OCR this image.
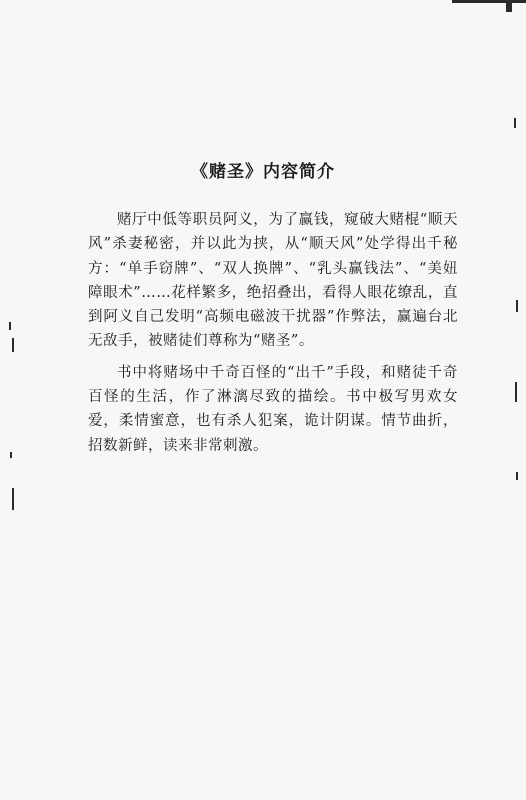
《赌圣》内容简介

赌厅中低等职员阿义，为了赢钱，窥破大赌棍“顺天风”杀妻秘密，并以此为挟，从“顺天风”处学得出千秘方：“单手窃牌”、“双人换牌”、“乳头赢钱法”、“美妞障眼术”……花样繁多，绝招叠出，看得人眼花缭乱，直到阿义自己发明“高频电磁波干扰器”作弊法，赢遍台北无敌手，被赌徒们尊称为“赌圣”。

书中将赌场中千奇百怪的“出千”手段，和赌徒千奇百怪的生活，作了淋漓尽致的描绘。书中极写男欢女爱，柔情蜜意，也有杀人犯案，诡计阴谋。情节曲折，招数新鲜，读来非常刺激。
